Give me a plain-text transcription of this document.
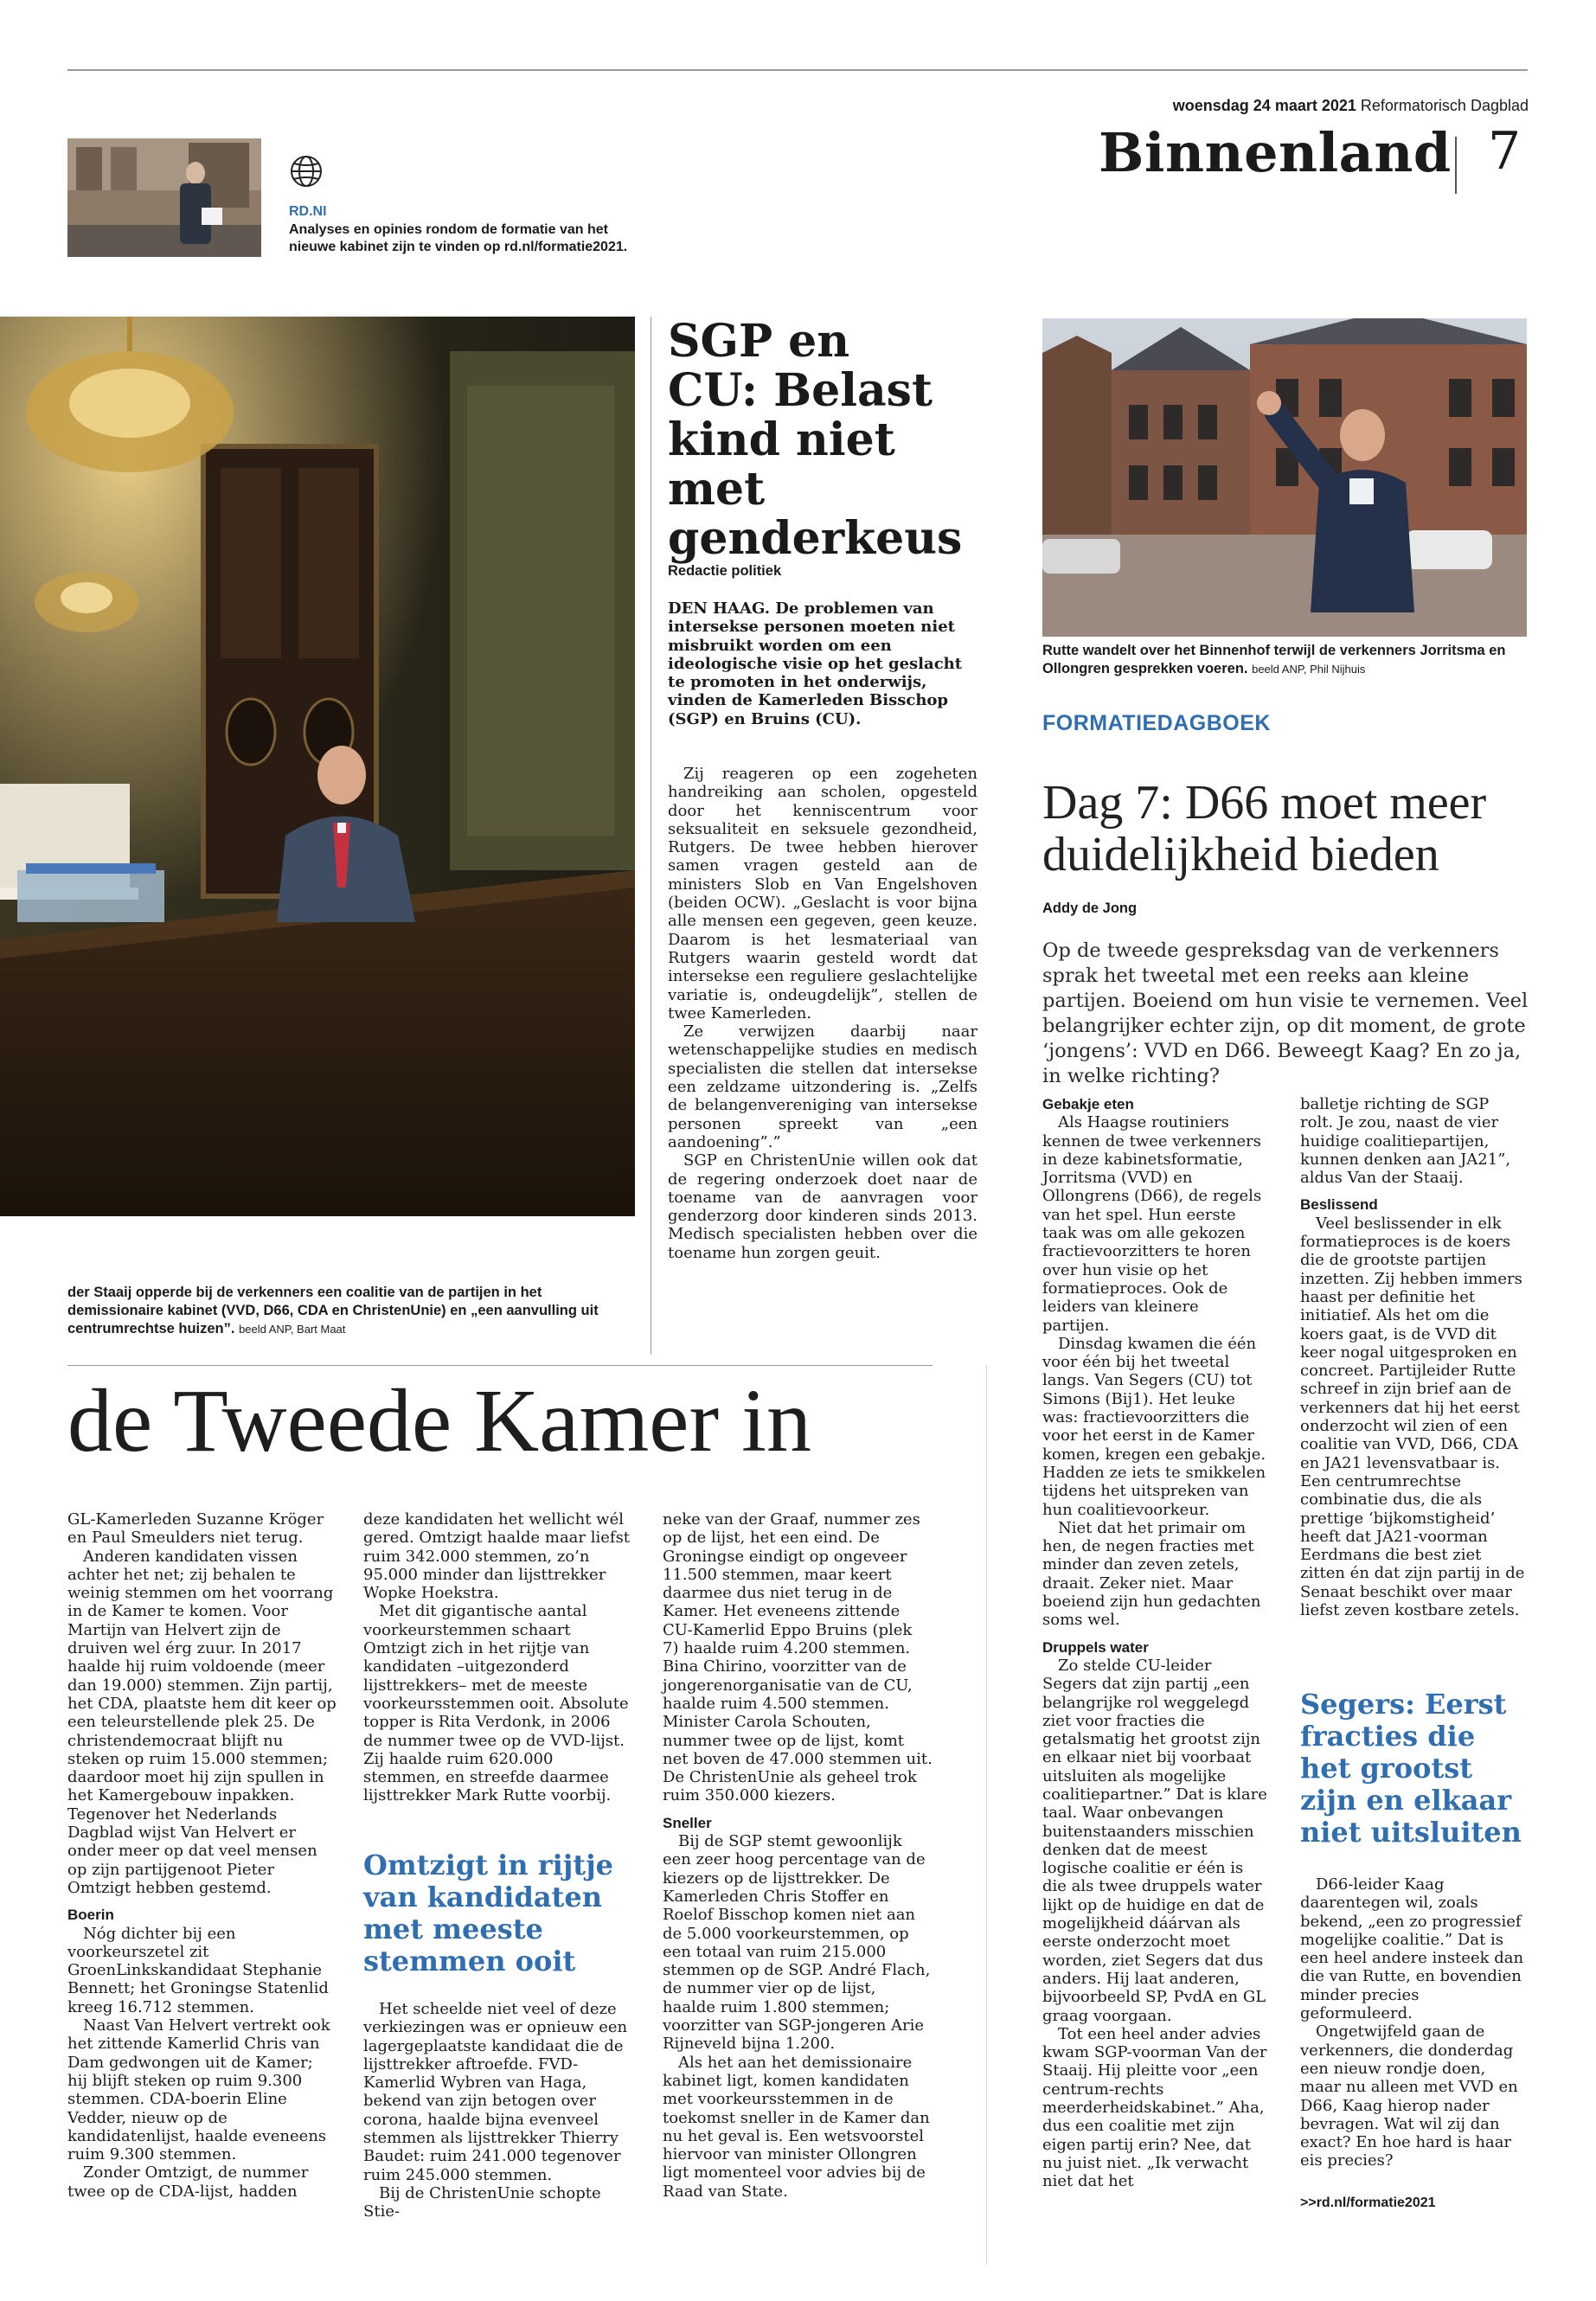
woensdag 24 maart 2021 Reformatorisch Dagblad
Binnenland 7
RD.NI
Analyses en opinies rondom de formatie van het nieuwe kabinet zijn te vinden op rd.nl/formatie2021.
der Staaij opperde bij de verkenners een coalitie van de partijen in het demissionaire kabinet (VVD, D66, CDA en ChristenUnie) en „een aanvulling uit centrumrechtse huizen”. beeld ANP, Bart Maat
SGP en CU: Belast kind niet met genderkeus
Redactie politiek
DEN HAAG. De problemen van intersekse personen moeten niet misbruikt worden om een ideologische visie op het geslacht te promoten in het onderwijs, vinden de Kamerleden Bisschop (SGP) en Bruins (CU).

Zij reageren op een zogeheten handreiking aan scholen, opgesteld door het kenniscentrum voor seksualiteit en seksuele gezondheid, Rutgers. De twee hebben hierover samen vragen gesteld aan de ministers Slob en Van Engelshoven (beiden OCW). „Geslacht is voor bijna alle mensen een gegeven, geen keuze. Daarom is het lesmateriaal van Rutgers waarin gesteld wordt dat intersekse een reguliere geslachtelijke variatie is, ondeugdelijk”, stellen de twee Kamerleden.

Ze verwijzen daarbij naar wetenschappelijke studies en medisch specialisten die stellen dat intersekse een zeldzame uitzondering is. „Zelfs de belangenvereniging van intersekse personen spreekt van „een aandoening”.”

SGP en ChristenUnie willen ook dat de regering onderzoek doet naar de toename van de aanvragen voor genderzorg door kinderen sinds 2013. Medisch specialisten hebben over die toename hun zorgen geuit.

Rutte wandelt over het Binnenhof terwijl de verkenners Jorritsma en Ollongren gesprekken voeren. beeld ANP, Phil Nijhuis
FORMATIEDAGBOEK
Dag 7: D66 moet meer duidelijkheid bieden
Addy de Jong
Op de tweede gespreksdag van de verkenners sprak het tweetal met een reeks aan kleine partijen. Boeiend om hun visie te vernemen. Veel belangrijker echter zijn, op dit moment, de grote ‘jongens’: VVD en D66. Beweegt Kaag? En zo ja, in welke richting?

Gebakje eten

Als Haagse routiniers kennen de twee verkenners in deze kabinetsformatie, Jorritsma (VVD) en Ollongrens (D66), de regels van het spel. Hun eerste taak was om alle gekozen fractievoorzitters te horen over hun visie op het formatieproces. Ook de leiders van kleinere partijen.

Dinsdag kwamen die één voor één bij het tweetal langs. Van Segers (CU) tot Simons (Bij1). Het leuke was: fractievoorzitters die voor het eerst in de Kamer komen, kregen een gebakje. Hadden ze iets te smikkelen tijdens het uitspreken van hun coalitievoorkeur.

Niet dat het primair om hen, de negen fracties met minder dan zeven zetels, draait. Zeker niet. Maar boeiend zijn hun gedachten soms wel.

Druppels water

Zo stelde CU-leider Segers dat zijn partij „een belangrijke rol weggelegd ziet voor fracties die getalsmatig het grootst zijn en elkaar niet bij voorbaat uitsluiten als mogelijke coalitiepartner.” Dat is klare taal. Waar onbevangen buitenstaanders misschien denken dat de meest logische coalitie er één is die als twee druppels water lijkt op de huidige en dat de mogelijkheid dáárvan als eerste onderzocht moet worden, ziet Segers dat dus anders. Hij laat anderen, bijvoorbeeld SP, PvdA en GL graag voorgaan.

Tot een heel ander advies kwam SGP-voorman Van der Staaij. Hij pleitte voor „een centrum-rechts meerderheidskabinet.” Aha, dus een coalitie met zijn eigen partij erin? Nee, dat nu juist niet. „Ik verwacht niet dat het

balletje richting de SGP rolt. Je zou, naast de vier huidige coalitiepartijen, kunnen denken aan JA21”, aldus Van der Staaij.

Beslissend

Veel beslissender in elk formatieproces is de koers die de grootste partijen inzetten. Zij hebben immers haast per definitie het initiatief. Als het om die koers gaat, is de VVD dit keer nogal uitgesproken en concreet. Partijleider Rutte schreef in zijn brief aan de verkenners dat hij het eerst onderzocht wil zien of een coalitie van VVD, D66, CDA en JA21 levensvatbaar is. Een centrumrechtse combinatie dus, die als prettige ‘bijkomstigheid’ heeft dat JA21-voorman Eerdmans die best ziet zitten én dat zijn partij in de Senaat beschikt over maar liefst zeven kostbare zetels.

Segers: Eerst fracties die het grootst zijn en elkaar niet uitsluiten

D66-leider Kaag daarentegen wil, zoals bekend, „een zo progressief mogelijke coalitie.” Dat is een heel andere insteek dan die van Rutte, en bovendien minder precies geformuleerd.

Ongetwijfeld gaan de verkenners, die donderdag een nieuw rondje doen, maar nu alleen met VVD en D66, Kaag hierop nader bevragen. Wat wil zij dan exact? En hoe hard is haar eis precies?

>>rd.nl/formatie2021
de Tweede Kamer in

GL-Kamerleden Suzanne Kröger en Paul Smeulders niet terug.

Anderen kandidaten vissen achter het net; zij behalen te weinig stemmen om het voorrang in de Kamer te komen. Voor Martijn van Helvert zijn de druiven wel érg zuur. In 2017 haalde hij ruim voldoende (meer dan 19.000) stemmen. Zijn partij, het CDA, plaatste hem dit keer op een teleurstellende plek 25. De christendemocraat blijft nu steken op ruim 15.000 stemmen; daardoor moet hij zijn spullen in het Kamergebouw inpakken. Tegenover het Nederlands Dagblad wijst Van Helvert er onder meer op dat veel mensen op zijn partijgenoot Pieter Omtzigt hebben gestemd.

Boerin

Nóg dichter bij een voorkeurszetel zit GroenLinkskandidaat Stephanie Bennett; het Groningse Statenlid kreeg 16.712 stemmen.

Naast Van Helvert vertrekt ook het zittende Kamerlid Chris van Dam gedwongen uit de Kamer; hij blijft steken op ruim 9.300 stemmen. CDA-boerin Eline Vedder, nieuw op de kandidatenlijst, haalde eveneens ruim 9.300 stemmen.

Zonder Omtzigt, de nummer twee op de CDA-lijst, hadden

deze kandidaten het wellicht wél gered. Omtzigt haalde maar liefst ruim 342.000 stemmen, zo’n 95.000 minder dan lijsttrekker Wopke Hoekstra.

Met dit gigantische aantal voorkeurstemmen schaart Omtzigt zich in het rijtje van kandidaten –uitgezonderd lijsttrekkers– met de meeste voorkeursstemmen ooit. Absolute topper is Rita Verdonk, in 2006 de nummer twee op de VVD-lijst. Zij haalde ruim 620.000 stemmen, en streefde daarmee lijsttrekker Mark Rutte voorbij.

Omtzigt in rijtje van kandidaten met meeste stemmen ooit

Het scheelde niet veel of deze verkiezingen was er opnieuw een lagergeplaatste kandidaat die de lijsttrekker aftroefde. FVD-Kamerlid Wybren van Haga, bekend van zijn betogen over corona, haalde bijna evenveel stemmen als lijsttrekker Thierry Baudet: ruim 241.000 tegenover ruim 245.000 stemmen.

Bij de ChristenUnie schopte Stie-

neke van der Graaf, nummer zes op de lijst, het een eind. De Groningse eindigt op ongeveer 11.500 stemmen, maar keert daarmee dus niet terug in de Kamer. Het eveneens zittende CU-Kamerlid Eppo Bruins (plek 7) haalde ruim 4.200 stemmen. Bina Chirino, voorzitter van de jongerenorganisatie van de CU, haalde ruim 4.500 stemmen. Minister Carola Schouten, nummer twee op de lijst, komt net boven de 47.000 stemmen uit. De ChristenUnie als geheel trok ruim 350.000 kiezers.

Sneller

Bij de SGP stemt gewoonlijk een zeer hoog percentage van de kiezers op de lijsttrekker. De Kamerleden Chris Stoffer en Roelof Bisschop komen niet aan de 5.000 voorkeurstemmen, op een totaal van ruim 215.000 stemmen op de SGP. André Flach, de nummer vier op de lijst, haalde ruim 1.800 stemmen; voorzitter van SGP-jongeren Arie Rijneveld bijna 1.200.

Als het aan het demissionaire kabinet ligt, komen kandidaten met voorkeursstemmen in de toekomst sneller in de Kamer dan nu het geval is. Een wetsvoorstel hiervoor van minister Ollongren ligt momenteel voor advies bij de Raad van State.
